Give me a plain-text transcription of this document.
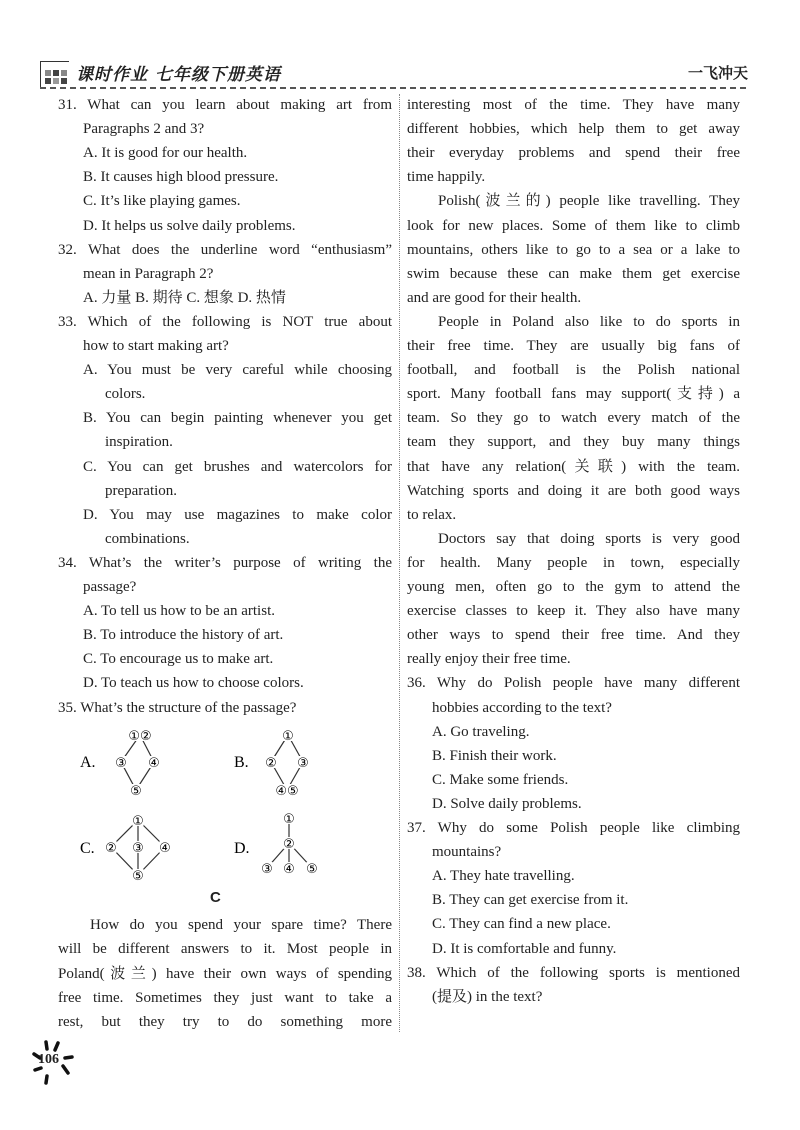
课时作业 七年级下册英语	一飞冲天
31. What can you learn about making art from
Paragraphs 2 and 3?
A. It is good for our health.
B. It causes high blood pressure.
C. It’s like playing games.
D. It helps us solve daily problems.
32. What does the underline word “enthusiasm”
mean in Paragraph 2?
A. 力量 B. 期待 C. 想象 D. 热情
33. Which of the following is NOT true about
how to start making art?
A. You must be very careful while choosing
colors.
B. You can begin painting whenever you get
inspiration.
C. You can get brushes and watercolors for
preparation.
D. You may use magazines to make color
combinations.
34. What’s the writer’s purpose of writing the
passage?
A. To tell us how to be an artist.
B. To introduce the history of art.
C. To encourage us to make art.
D. To teach us how to choose colors.
35. What’s the structure of the passage?
How do you spend your spare time? There
will be different answers to it. Most people in
Poland(波兰) have their own ways of spending
free time. Sometimes they just want to take a
rest, but they try to do something more
interesting most of the time. They have many
different hobbies, which help them to get away
their everyday problems and spend their free
time happily.
Polish(波兰的) people like travelling. They
look for new places. Some of them like to climb
mountains, others like to go to a sea or a lake to
swim because these can make them get exercise
and are good for their health.
People in Poland also like to do sports in
their free time. They are usually big fans of
football, and football is the Polish national
sport. Many football fans may support(支持) a
team. So they go to watch every match of the
team they support, and they buy many things
that have any relation(关联) with the team.
Watching sports and doing it are both good ways
to relax.
Doctors say that doing sports is very good
for health. Many people in town, especially
young men, often go to the gym to attend the
exercise classes to keep it. They also have many
other ways to spend their free time. And they
really enjoy their free time.
36. Why do Polish people have many different
hobbies according to the text?
A. Go traveling.
B. Finish their work.
C. Make some friends.
D. Solve daily problems.
37. Why do some Polish people like climbing
mountains?
A. They hate travelling.
B. They can get exercise from it.
C. They can find a new place.
D. It is comfortable and funny.
38. Which of the following sports is mentioned
(提及) in the text?
A.
①②
③ ④
⑤
B.
①
② ③
④⑤
C.
①
② ③ ④
⑤
D.
①
②
③ ④ ⑤
C
106
